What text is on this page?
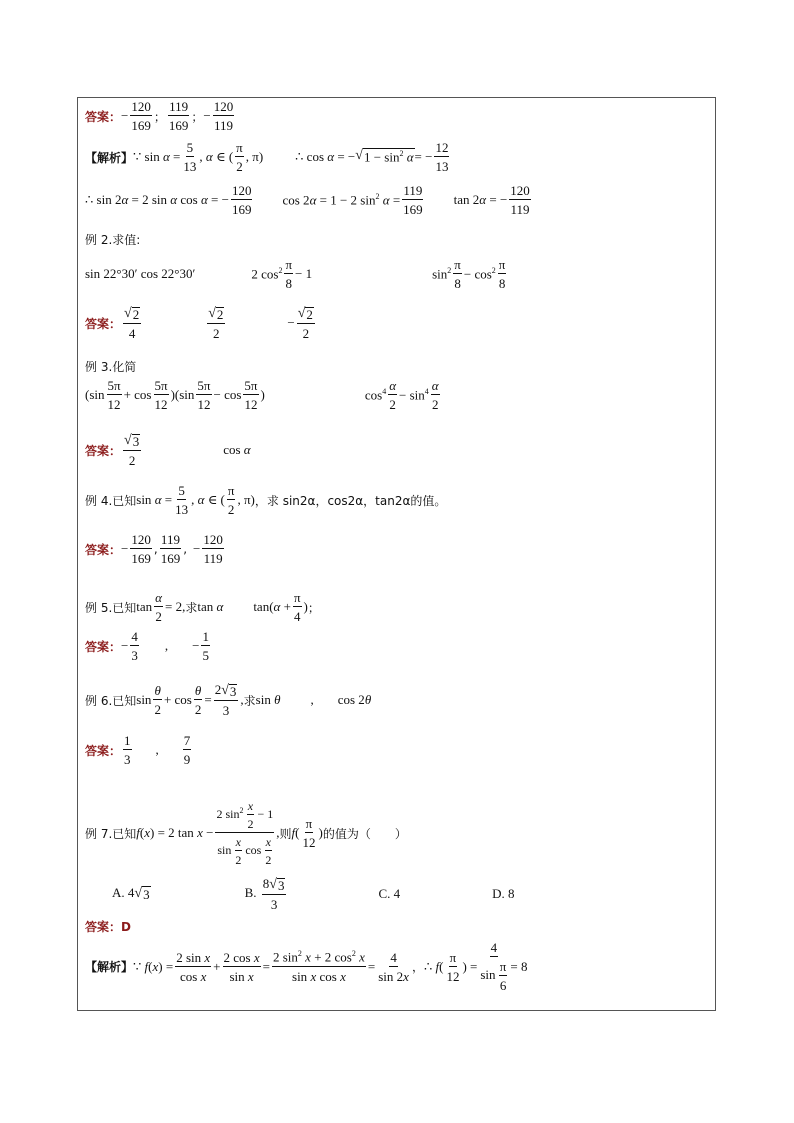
答案： − $\frac{120}{169}$ ； $\frac{119}{169}$ ； − $\frac{120}{119}$
【解析】 ∵ $\sin \alpha = \frac{5}{13}$ , α ∈ ( $\frac{\pi}{2}$ , π) ∴ cos α = − √ $1 - \sin^2 \alpha$ = − $\frac{12}{13}$
∴ sin 2α = 2 sin α cos α = − $\frac{120}{169}$ cos 2α = 1 − 2 $\sin^2 \alpha = \frac{119}{169}$ tan 2α = − $\frac{120}{119}$
例 2.求值:
sin 22°30′ cos 22°30′	2 $\cos^2 \frac{\pi}{8} - 1$	$\sin^2 \frac{\pi}{8} - \cos^2 \frac{\pi}{8}$
答案： $\frac{√ 2}{4}$	$\frac{√ 2}{2}$	− $\frac{√ 2}{2}$
例 3.化简
$(\sin \frac{5\pi}{12} + \cos \frac{5\pi}{12} )(\sin \frac{5\pi}{12} - \cos \frac{5\pi}{12}$ )	$\cos^4 \frac{\alpha}{2} - \sin^4 \frac{\alpha}{2}$
答案： $\frac{√ 3}{2}$	cos α
例 4.已知 $\sin \alpha = \frac{5}{13}$ , α ∈ ( $\frac{\pi}{2}$ , π) ， 求 sin2α，cos2α，tan2α的值。
答案： − $\frac{120}{169}$ , $\frac{119}{169}$ , − $\frac{120}{119}$
例 5.已知 $\tan \frac{\alpha}{2} = 2$, 求 tan α $\tan(\alpha + \frac{\pi}{4}$ ) ；
答案： − $\frac{4}{3}$ , − $\frac{1}{5}$
例 6.已知 $\sin \frac{\theta}{2} + \cos \frac{\theta}{2} = \frac{2 √ 3}{3}$ , 求 sin θ , cos 2θ
答案： $\frac{1}{3}$ , $\frac{7}{9}$
例 7.已知 f(x) = 2 $\tan x - \frac{2 \sin^2 \frac{x}{2} - 1}{\sin \frac{x}{2} \cos \frac{x}{2}}$ , 则 $f( \frac{\pi}{12}$ ) 的值为（　　）
A. 4 √ 3	B. $\frac{8 √ 3}{3}$	C. 4	D. 8
答案： D
【解析】 ∵ $f(x) = \frac{\text{2 sin x}}{\text{cos x}} + \frac{\text{2 cos x}}{\text{sin x}} = \frac{2 \sin^2 x + 2 \cos^2 x}{\text{sin x cos x}} = \frac{4}{\sin 2x}$ ， ∴ $f( \frac{\pi}{12}$ ) = $\frac{4}{\sin \frac{\pi}{6}} = 8$
